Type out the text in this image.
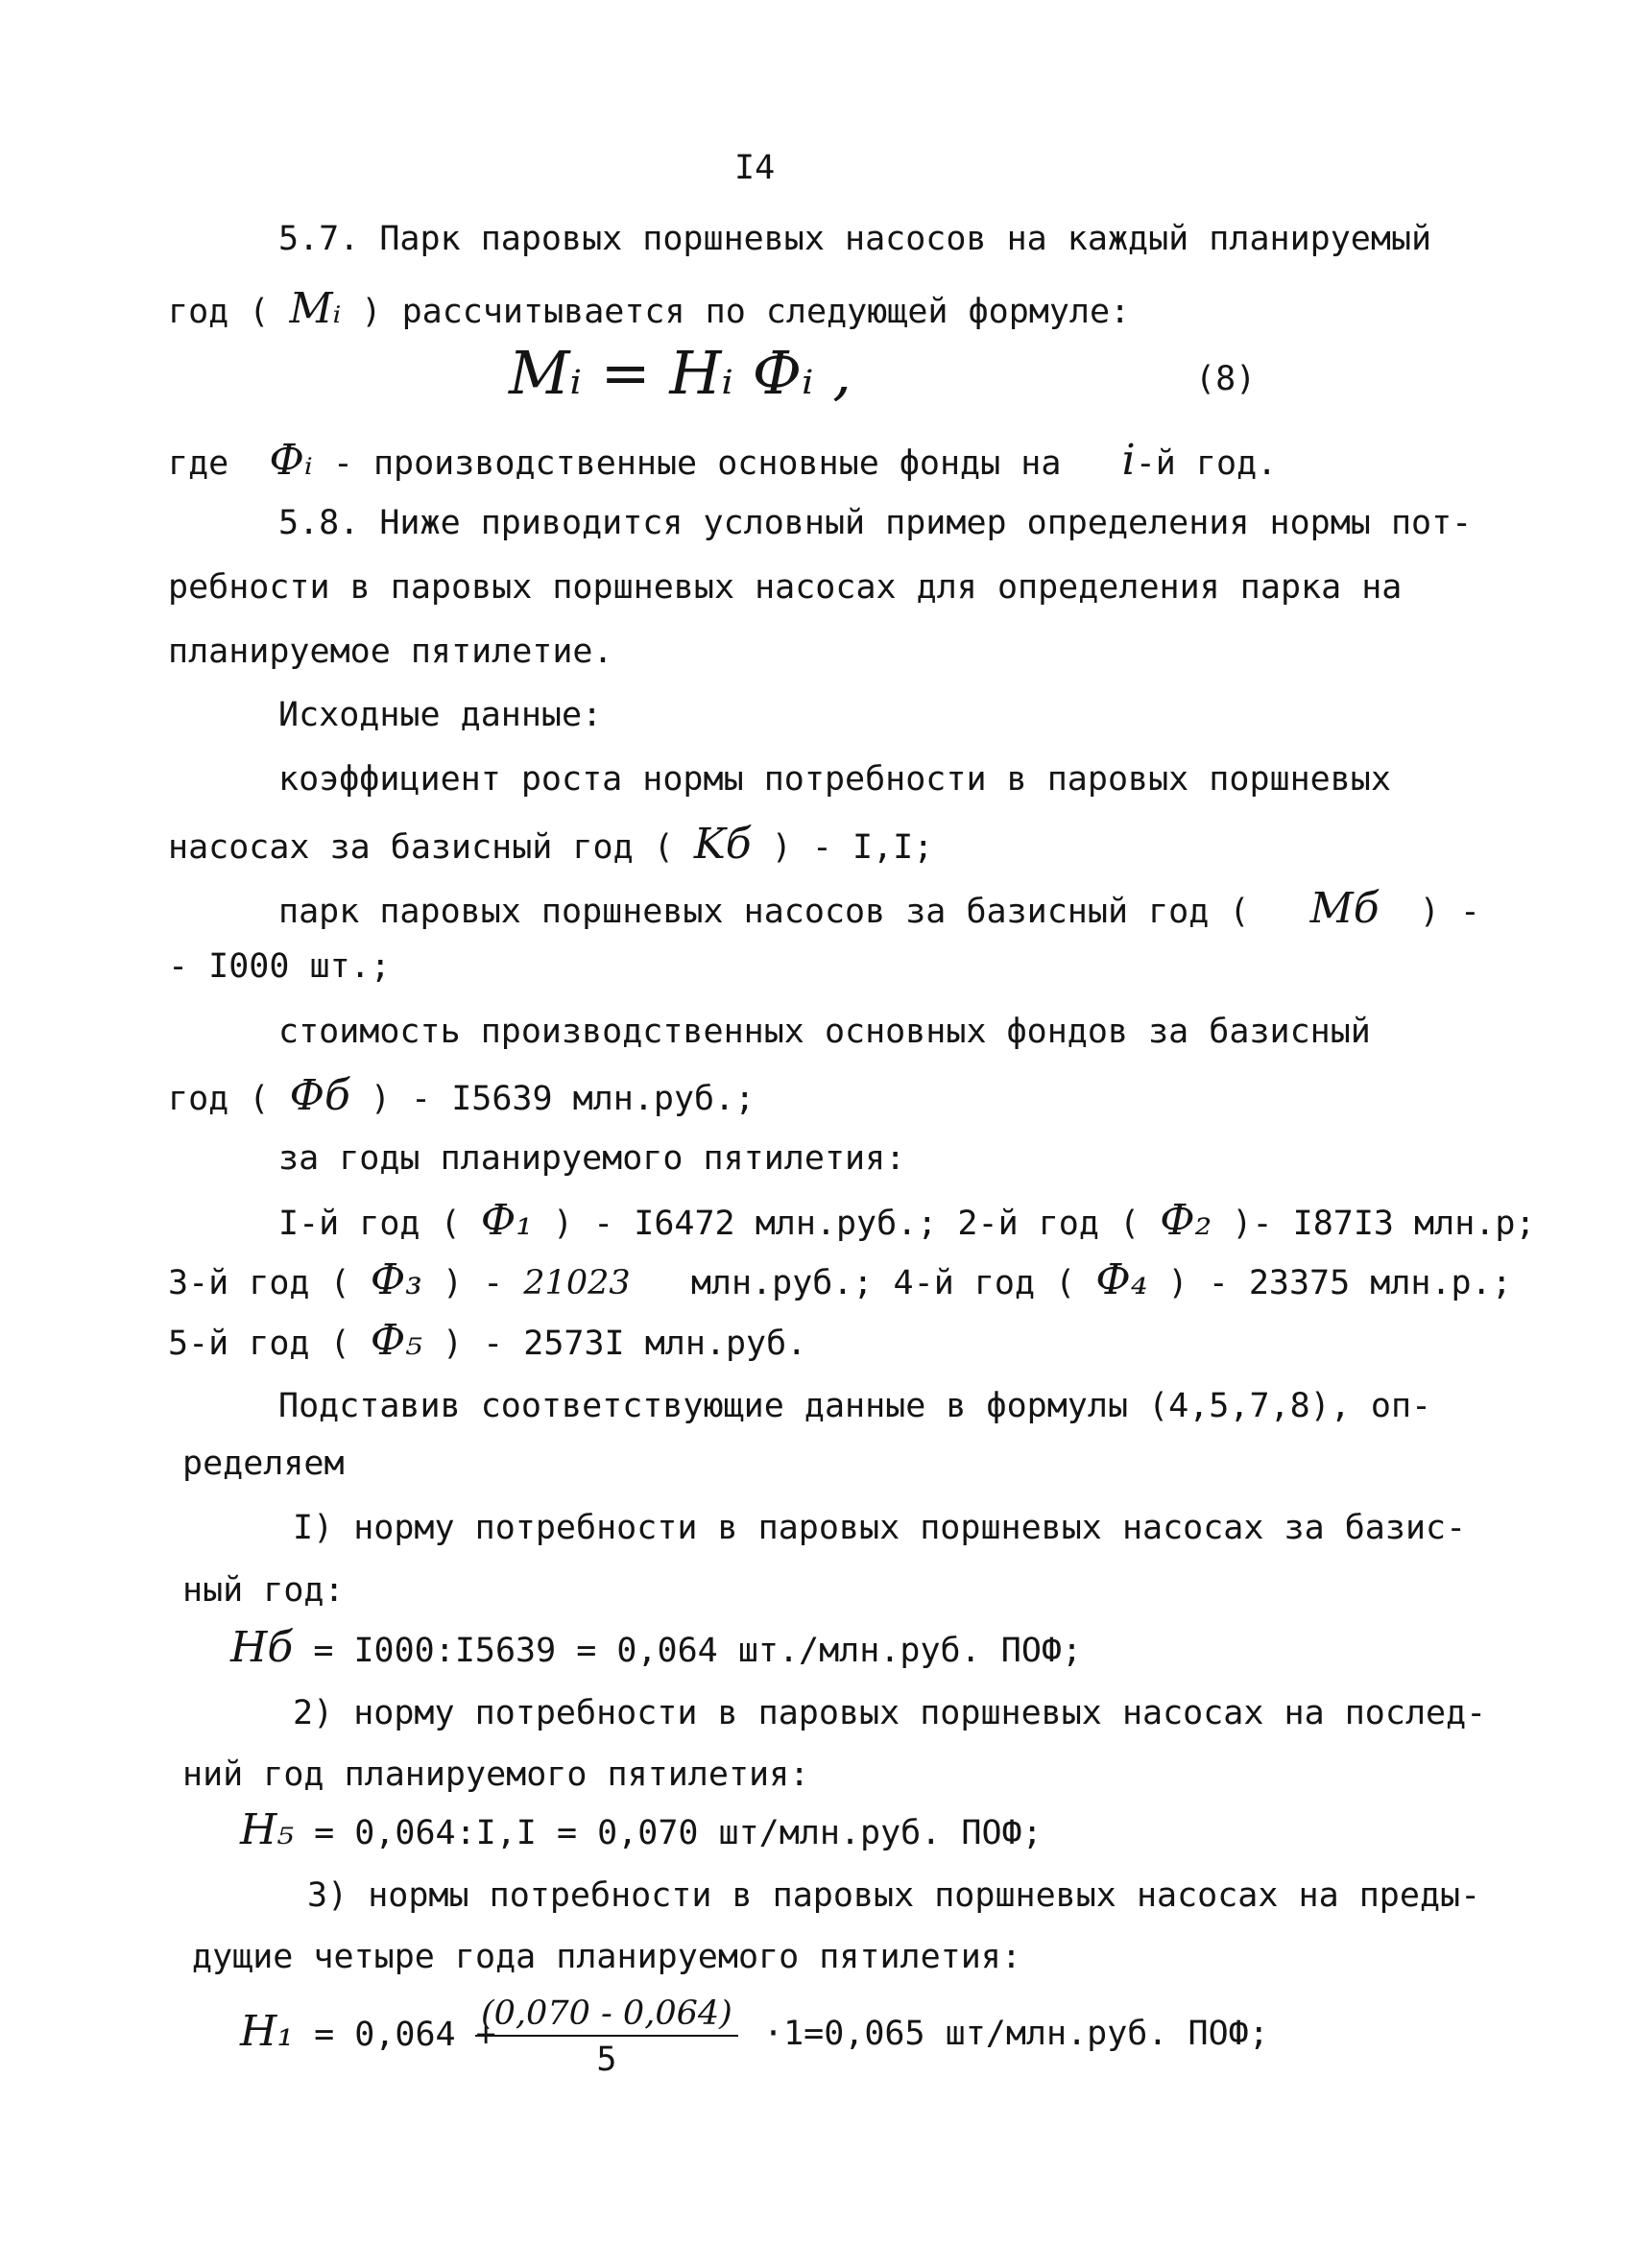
I4
5.7. Парк паровых поршневых насосов на каждый планируемый
год ( Mᵢ ) рассчитывается по следующей формуле:
Mᵢ = Hᵢ Фᵢ ,	(8)
где Фᵢ - производственные основные фонды на i-й год.
5.8. Ниже приводится условный пример определения нормы пот-
ребности в паровых поршневых насосах для определения парка на
планируемое пятилетие.
Исходные данные:
коэффициент роста нормы потребности в паровых поршневых
насосах за базисный год ( Kб ) - I,I;
парк паровых поршневых насосов за базисный год ( Mб ) -
- I000 шт.;
стоимость производственных основных фондов за базисный
год ( Фб ) - I5639 млн.руб.;
за годы планируемого пятилетия:
I-й год ( Ф₁ ) - I6472 млн.руб.; 2-й год ( Ф₂ )- I87I3 млн.р;
3-й год ( Ф₃ ) - 21023 млн.руб.; 4-й год ( Ф₄ ) - 23375 млн.р.;
5-й год ( Ф₅ ) - 2573I млн.руб.
Подставив соответствующие данные в формулы (4,5,7,8), оп-
ределяем
I) норму потребности в паровых поршневых насосах за базис-
ный год:
Hб = I000:I5639 = 0,064 шт./млн.руб. ПОФ;
2) норму потребности в паровых поршневых насосах на послед-
ний год планируемого пятилетия:
H₅ = 0,064:I,I = 0,070 шт/млн.руб. ПОФ;
3) нормы потребности в паровых поршневых насосах на преды-
дущие четыре года планируемого пятилетия:
H₁ = 0,064 +
$\frac{(0,070 - 0,064)}{5} \cdot 1=0,065$ шт/млн.руб. ПОФ;
